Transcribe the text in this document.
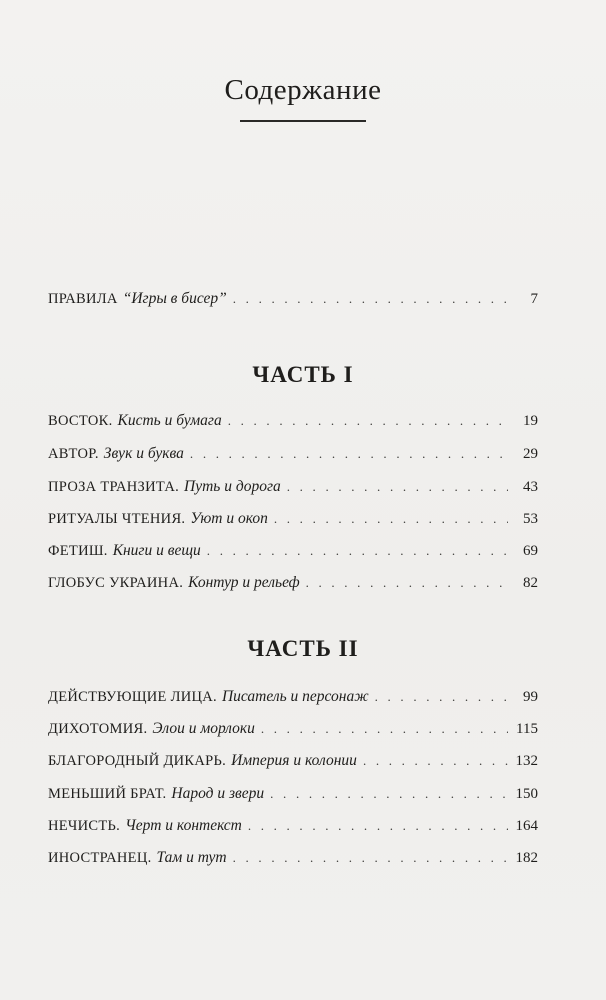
Содержание
ПРАВИЛА “Игры в бисер” . . .	7
ЧАСТЬ I
ВОСТОК. Кисть и бумага . . .	19
АВТОР. Звук и буква . . .	29
ПРОЗА ТРАНЗИТА. Путь и дорога . . .	43
РИТУАЛЫ ЧТЕНИЯ. Уют и окоп . . .	53
ФЕТИШ. Книги и вещи . . .	69
ГЛОБУС УКРАИНА. Контур и рельеф . . .	82
ЧАСТЬ II
ДЕЙСТВУЮЩИЕ ЛИЦА. Писатель и персонаж . . .	99
ДИХОТОМИЯ. Элои и морлоки . . .	115
БЛАГОРОДНЫЙ ДИКАРЬ. Империя и колонии . . .	132
МЕНЬШИЙ БРАТ. Народ и звери . . .	150
НЕЧИСТЬ. Черт и контекст . . .	164
ИНОСТРАНЕЦ. Там и тут . . .	182
